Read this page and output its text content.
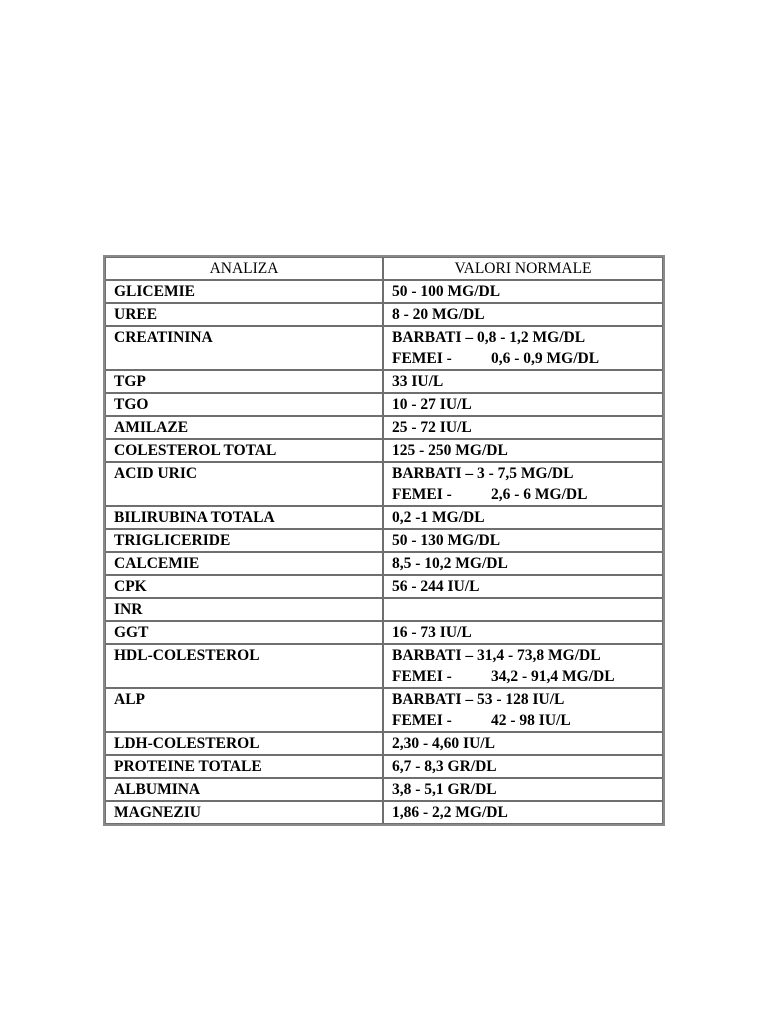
ANALIZA	VALORI NORMALE
GLICEMIE	50 - 100 MG/DL

UREE	8 - 20 MG/DL

CREATININA	BARBATI – 0,8 - 1,2 MG/DL
FEMEI - 0,6 - 0,9 MG/DL

TGP	33 IU/L

TGO	10 - 27 IU/L

AMILAZE	25 - 72 IU/L

COLESTEROL TOTAL	125 - 250 MG/DL

ACID URIC	BARBATI – 3 - 7,5 MG/DL
FEMEI - 2,6 - 6 MG/DL

BILIRUBINA TOTALA	0,2 -1 MG/DL

TRIGLICERIDE	50 - 130 MG/DL

CALCEMIE	8,5 - 10,2 MG/DL

CPK	56 - 244 IU/L

INR	

GGT	16 - 73 IU/L

HDL-COLESTEROL	BARBATI – 31,4 - 73,8 MG/DL
FEMEI - 34,2 - 91,4 MG/DL

ALP	BARBATI – 53 - 128 IU/L
FEMEI - 42 - 98 IU/L

LDH-COLESTEROL	2,30 - 4,60 IU/L

PROTEINE TOTALE	6,7 - 8,3 GR/DL

ALBUMINA	3,8 - 5,1 GR/DL

MAGNEZIU	1,86 - 2,2 MG/DL
